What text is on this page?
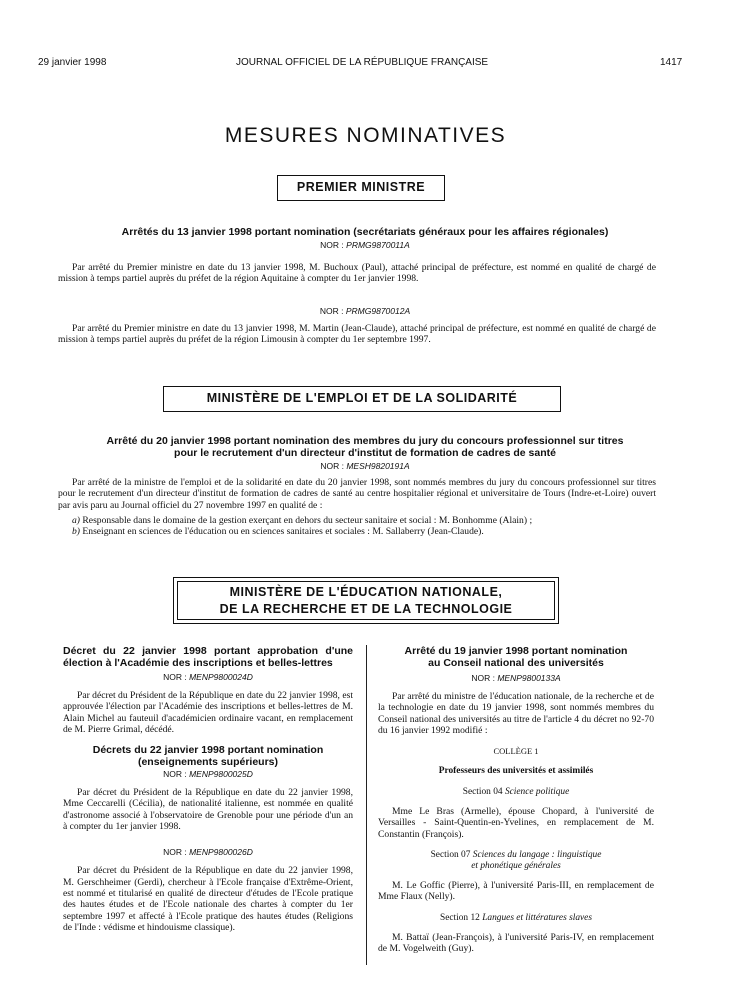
29 janvier 1998	JOURNAL OFFICIEL DE LA RÉPUBLIQUE FRANÇAISE	1417
MESURES NOMINATIVES
PREMIER MINISTRE
Arrêtés du 13 janvier 1998 portant nomination (secrétariats généraux pour les affaires régionales)
NOR : PRMG9870011A
Par arrêté du Premier ministre en date du 13 janvier 1998, M. Buchoux (Paul), attaché principal de préfecture, est nommé en qualité de chargé de mission à temps partiel auprès du préfet de la région Aquitaine à compter du 1er janvier 1998.
NOR : PRMG9870012A
Par arrêté du Premier ministre en date du 13 janvier 1998, M. Martin (Jean-Claude), attaché principal de préfecture, est nommé en qualité de chargé de mission à temps partiel auprès du préfet de la région Limousin à compter du 1er septembre 1997.
MINISTÈRE DE L'EMPLOI ET DE LA SOLIDARITÉ
Arrêté du 20 janvier 1998 portant nomination des membres du jury du concours professionnel sur titres
pour le recrutement d'un directeur d'institut de formation de cadres de santé
NOR : MESH9820191A
Par arrêté de la ministre de l'emploi et de la solidarité en date du 20 janvier 1998, sont nommés membres du jury du concours professionnel sur titres pour le recrutement d'un directeur d'institut de formation de cadres de santé au centre hospitalier régional et universitaire de Tours (Indre-et-Loire) ouvert par avis paru au Journal officiel du 27 novembre 1997 en qualité de :
a) Responsable dans le domaine de la gestion exerçant en dehors du secteur sanitaire et social : M. Bonhomme (Alain) ;
b) Enseignant en sciences de l'éducation ou en sciences sanitaires et sociales : M. Sallaberry (Jean-Claude).
MINISTÈRE DE L'ÉDUCATION NATIONALE,
DE LA RECHERCHE ET DE LA TECHNOLOGIE
Décret du 22 janvier 1998 portant approbation d'une élection à l'Académie des inscriptions et belles-lettres
NOR : MENP9800024D
Par décret du Président de la République en date du 22 janvier 1998, est approuvée l'élection par l'Académie des inscriptions et belles-lettres de M. Alain Michel au fauteuil d'académicien ordinaire vacant, en remplacement de M. Pierre Grimal, décédé.
Décrets du 22 janvier 1998 portant nomination
(enseignements supérieurs)
NOR : MENP9800025D
Par décret du Président de la République en date du 22 janvier 1998, Mme Ceccarelli (Cécilia), de nationalité italienne, est nommée en qualité d'astronome associé à l'observatoire de Grenoble pour une période d'un an à compter du 1er janvier 1998.
NOR : MENP9800026D
Par décret du Président de la République en date du 22 janvier 1998, M. Gerschheimer (Gerdi), chercheur à l'Ecole française d'Extrême-Orient, est nommé et titularisé en qualité de directeur d'études de l'Ecole pratique des hautes études et de l'Ecole nationale des chartes à compter du 1er septembre 1997 et affecté à l'Ecole pratique des hautes études (Religions de l'Inde : védisme et hindouisme classique).
Arrêté du 19 janvier 1998 portant nomination
au Conseil national des universités
NOR : MENP9800133A
Par arrêté du ministre de l'éducation nationale, de la recherche et de la technologie en date du 19 janvier 1998, sont nommés membres du Conseil national des universités au titre de l'article 4 du décret no 92-70 du 16 janvier 1992 modifié :
COLLÈGE 1
Professeurs des universités et assimilés
Section 04 Science politique
Mme Le Bras (Armelle), épouse Chopard, à l'université de Versailles - Saint-Quentin-en-Yvelines, en remplacement de M. Constantin (François).
Section 07 Sciences du langage : linguistique
et phonétique générales
M. Le Goffic (Pierre), à l'université Paris-III, en remplacement de Mme Flaux (Nelly).
Section 12 Langues et littératures slaves
M. Battaï (Jean-François), à l'université Paris-IV, en remplacement de M. Vogelweith (Guy).
